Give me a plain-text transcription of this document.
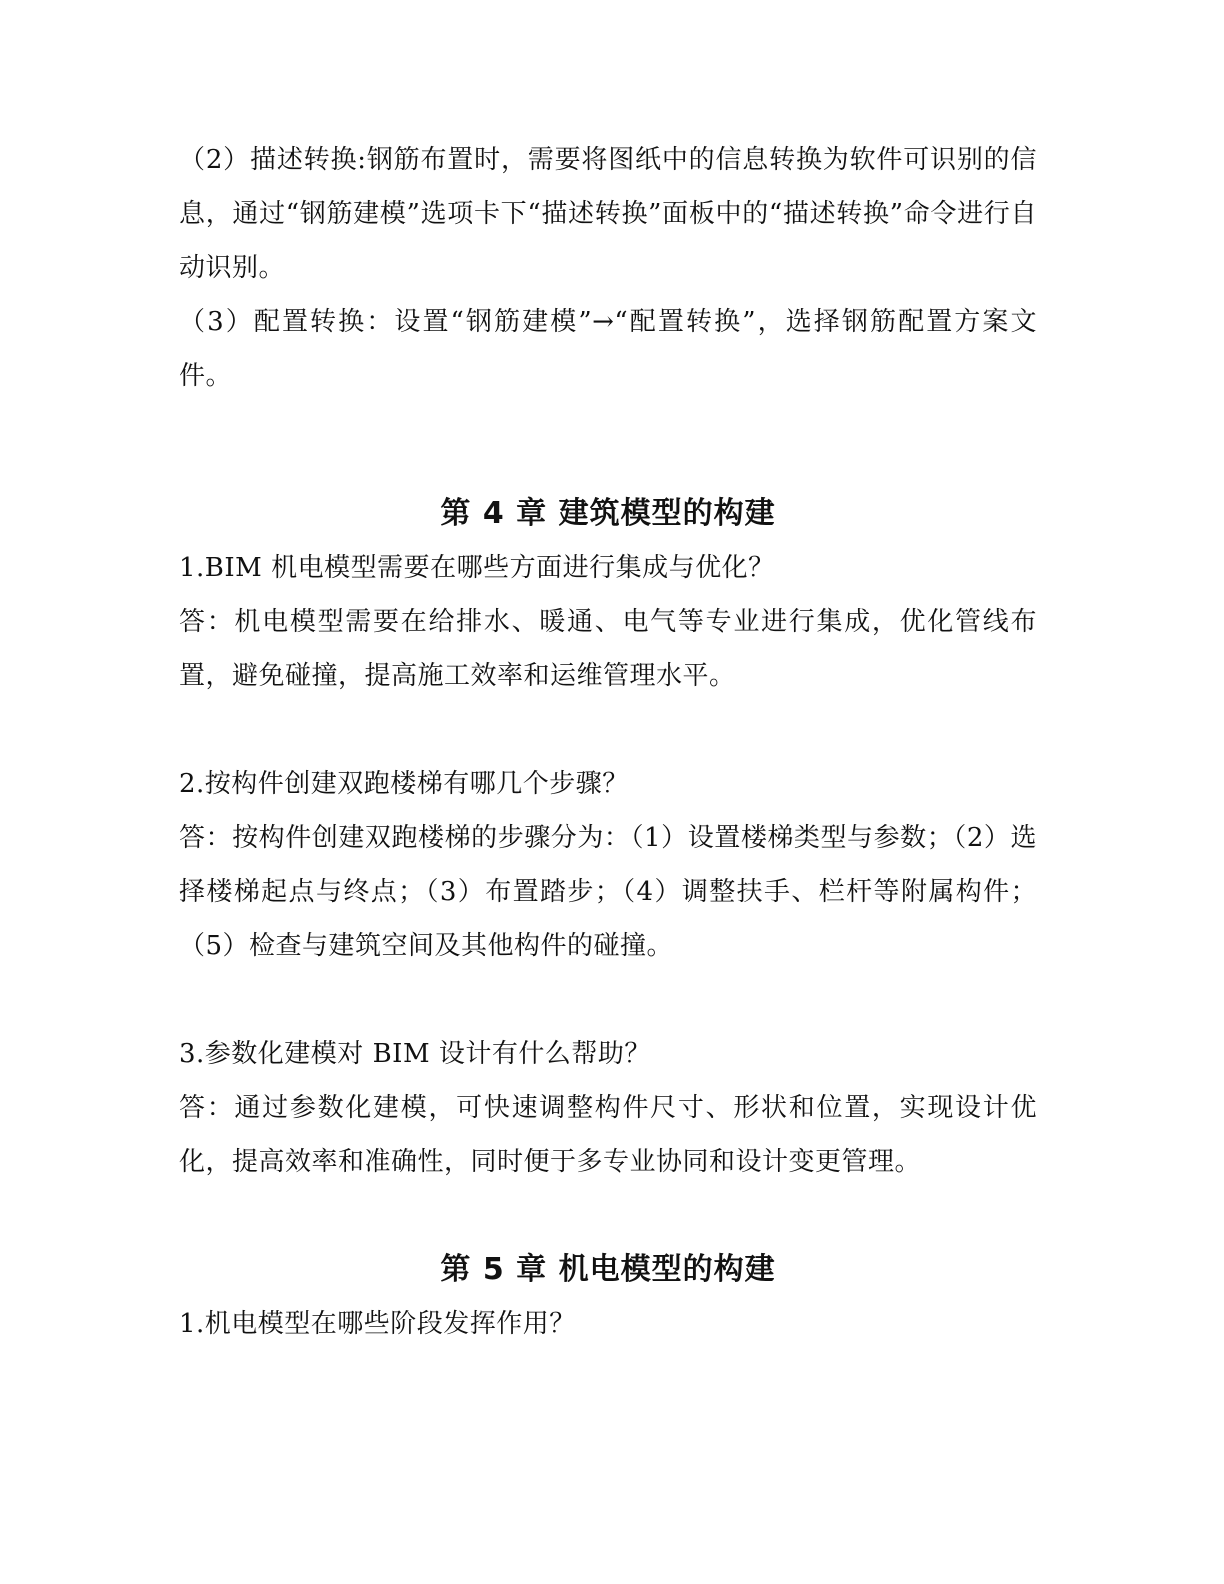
（2）描述转换:钢筋布置时，需要将图纸中的信息转换为软件可识别的信息，通过“钢筋建模”选项卡下“描述转换”面板中的“描述转换”命令进行自动识别。

（3）配置转换：设置“钢筋建模”→“配置转换”，选择钢筋配置方案文件。

第 4 章 建筑模型的构建

1.BIM 机电模型需要在哪些方面进行集成与优化？

答：机电模型需要在给排水、暖通、电气等专业进行集成，优化管线布置，避免碰撞，提高施工效率和运维管理水平。

2.按构件创建双跑楼梯有哪几个步骤？

答：按构件创建双跑楼梯的步骤分为：（1）设置楼梯类型与参数；（2）选择楼梯起点与终点；（3）布置踏步；（4）调整扶手、栏杆等附属构件；（5）检查与建筑空间及其他构件的碰撞。

3.参数化建模对 BIM 设计有什么帮助？

答：通过参数化建模，可快速调整构件尺寸、形状和位置，实现设计优化，提高效率和准确性，同时便于多专业协同和设计变更管理。

第 5 章 机电模型的构建

1.机电模型在哪些阶段发挥作用？
